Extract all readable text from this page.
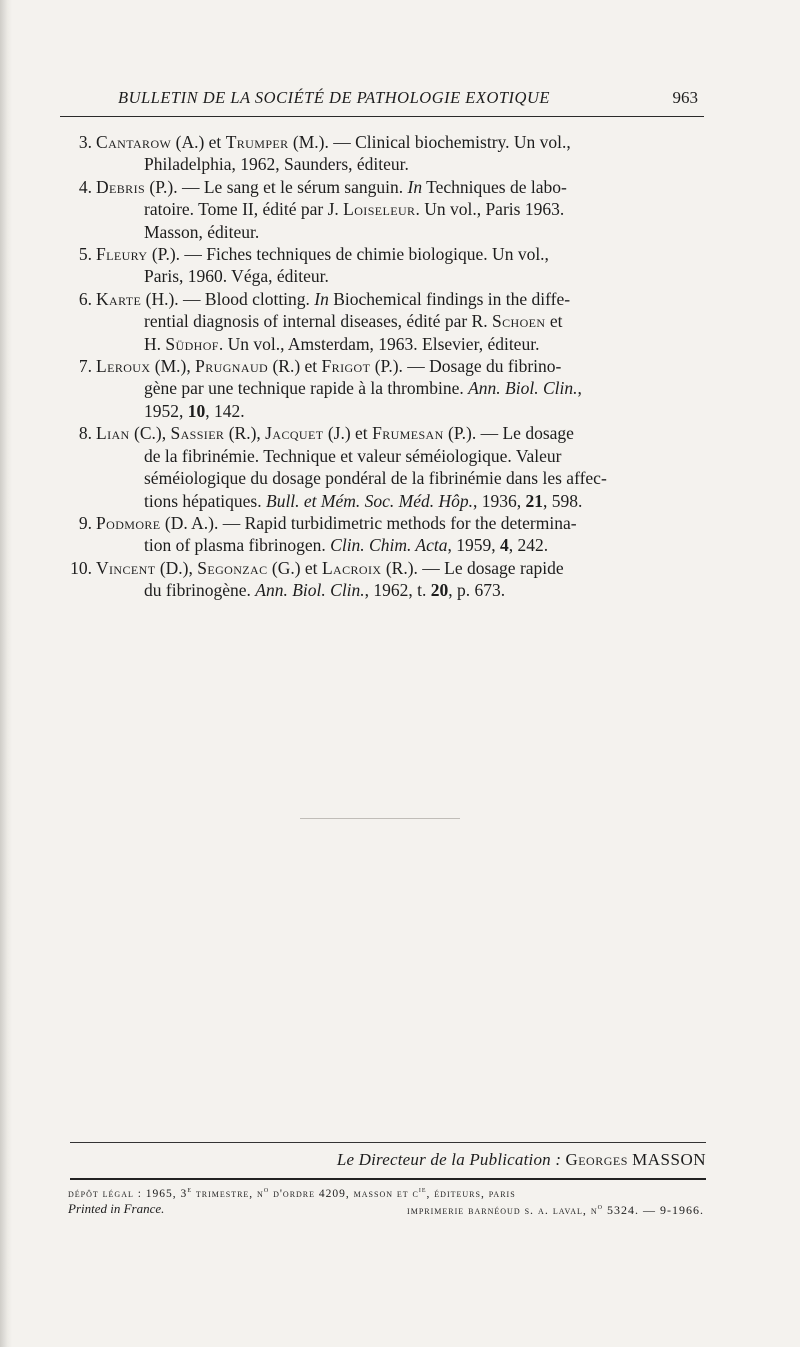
BULLETIN DE LA SOCIÉTÉ DE PATHOLOGIE EXOTIQUE	963
3. Cantarow (A.) et Trumper (M.). — Clinical biochemistry. Un vol.,
Philadelphia, 1962, Saunders, éditeur.
4. Debris (P.). — Le sang et le sérum sanguin. In Techniques de labo-
ratoire. Tome II, édité par J. Loiseleur. Un vol., Paris 1963.
Masson, éditeur.
5. Fleury (P.). — Fiches techniques de chimie biologique. Un vol.,
Paris, 1960. Véga, éditeur.
6. Karte (H.). — Blood clotting. In Biochemical findings in the diffe-
rential diagnosis of internal diseases, édité par R. Schoen et
H. Südhof. Un vol., Amsterdam, 1963. Elsevier, éditeur.
7. Leroux (M.), Prugnaud (R.) et Frigot (P.). — Dosage du fibrino-
gène par une technique rapide à la thrombine. Ann. Biol. Clin.,
1952, 10, 142.
8. Lian (C.), Sassier (R.), Jacquet (J.) et Frumesan (P.). — Le dosage
de la fibrinémie. Technique et valeur séméiologique. Valeur
séméiologique du dosage pondéral de la fibrinémie dans les affec-
tions hépatiques. Bull. et Mém. Soc. Méd. Hôp., 1936, 21, 598.
9. Podmore (D. A.). — Rapid turbidimetric methods for the determina-
tion of plasma fibrinogen. Clin. Chim. Acta, 1959, 4, 242.
10. Vincent (D.), Segonzac (G.) et Lacroix (R.). — Le dosage rapide
du fibrinogène. Ann. Biol. Clin., 1962, t. 20, p. 673.
Le Directeur de la Publication : Georges MASSON
dépôt légal : 1965, 3e trimestre, $n^o$ d'ordre 4209, masson et $c^{ie}$, éditeurs, paris
Printed in France.	imprimerie barnéoud s. a. laval, $n^o$ 5324. — 9-1966.
